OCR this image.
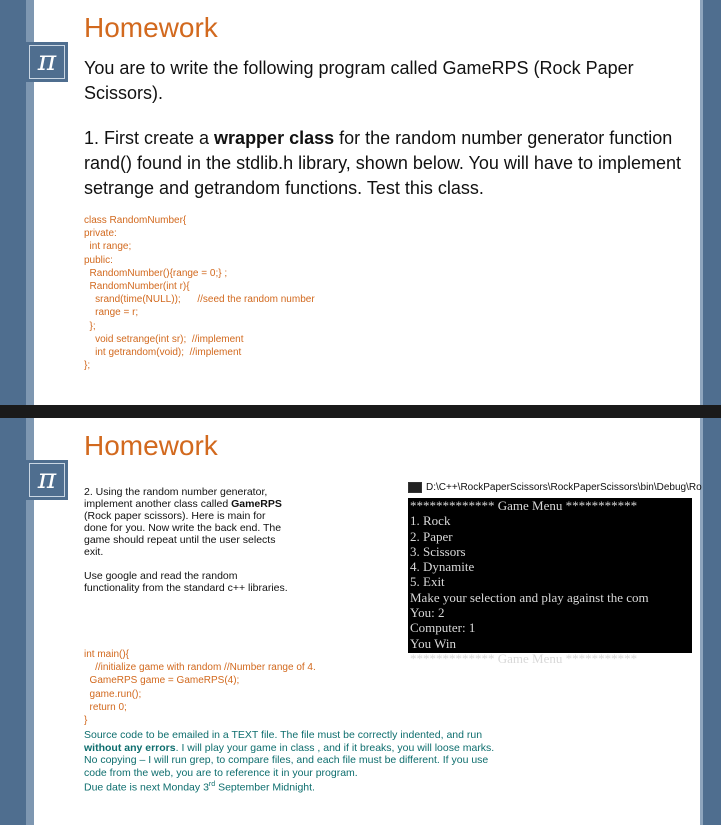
π
Homework

You are to write the following program called GameRPS (Rock Paper Scissors).

1. First create a wrapper class for the random number generator function rand() found in the stdlib.h library, shown below. You will have to implement setrange and getrandom functions. Test this class.

class RandomNumber{
private:
int range;
public:
RandomNumber(){range = 0;} ;
RandomNumber(int r){
srand(time(NULL));      //seed the random number
range = r;
};
void setrange(int sr);  //implement
int getrandom(void);  //implement
};
π
Homework

2. Using the random number generator, implement another class called GameRPS (Rock paper scissors). Here is main for done for you. Now write the back end. The game should repeat until the user selects exit.

Use google and read the random functionality from the standard c++ libraries.

int main(){
//initialize game with random //Number range of 4.
GameRPS game = GameRPS(4);
game.run();
return 0;
}
D:\C++\RockPaperScissors\RockPaperScissors\bin\Debug\Ro
************* Game Menu ***********
1. Rock
2. Paper
3. Scissors
4. Dynamite
5. Exit
Make your selection and play against the com
You: 2
Computer: 1
You Win
************* Game Menu ***********

Source code to be emailed in a TEXT file. The file must be correctly indented, and run

without any errors. I will play your game in class , and if it breaks, you will loose marks.

No copying – I will run grep, to compare files, and each file must be different. If you use

code from the web, you are to reference it in your program.

Due date is next Monday 3rd September Midnight.
